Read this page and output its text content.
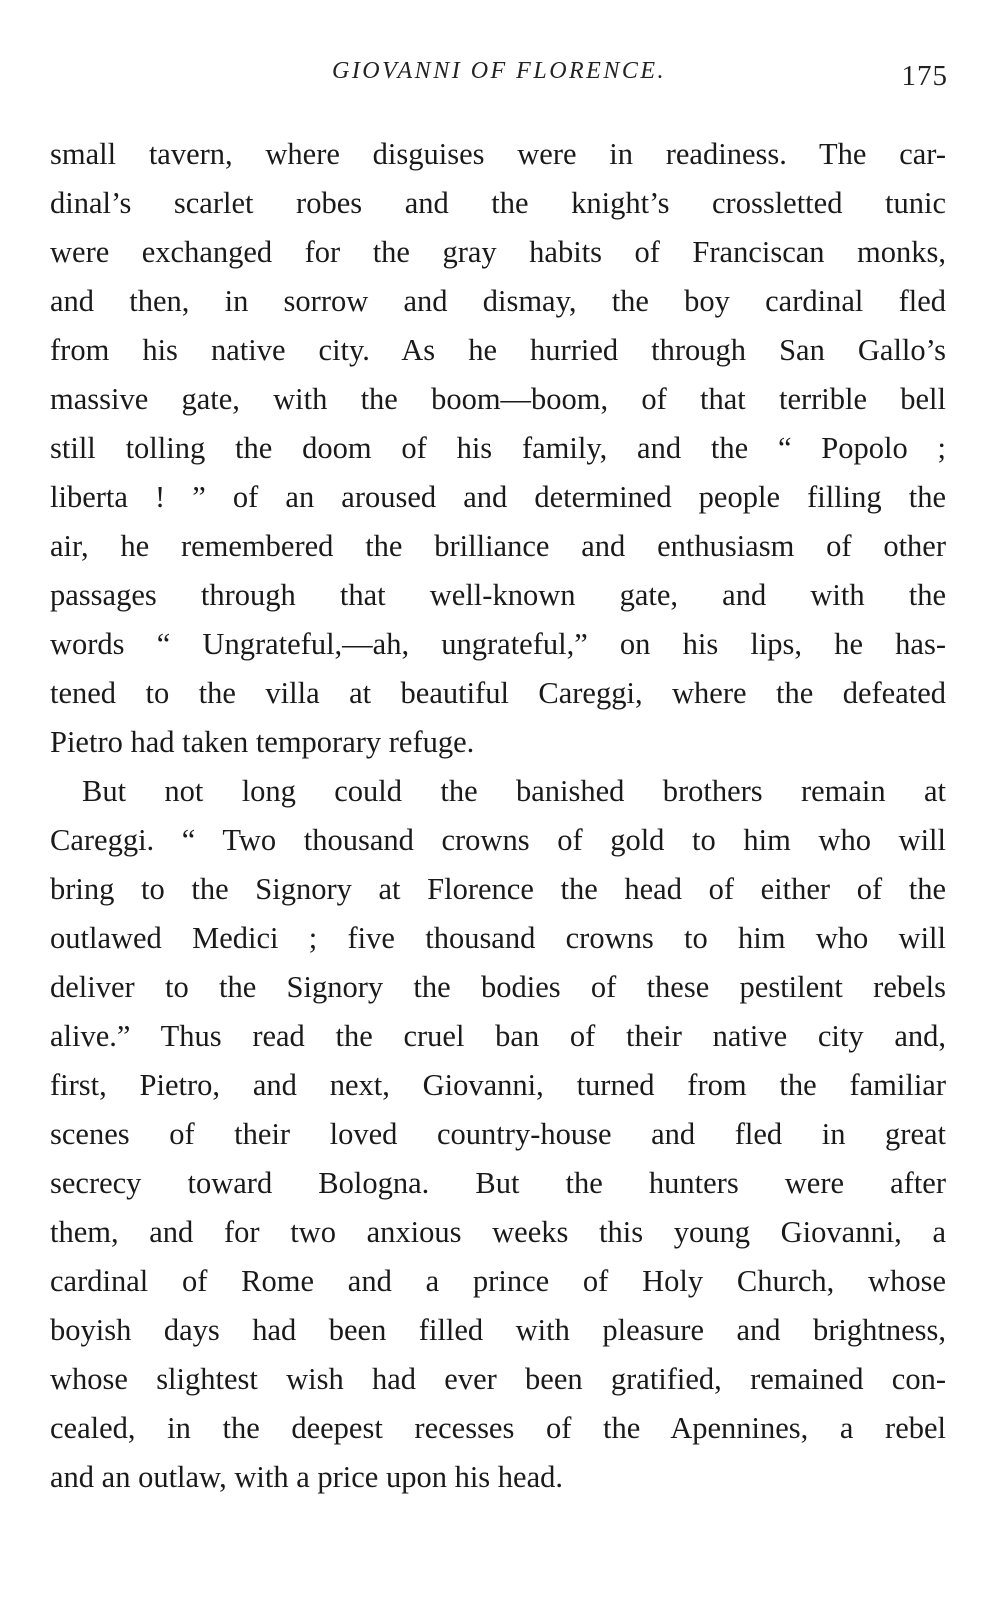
GIOVANNI OF FLORENCE.	175
small tavern, where disguises were in readiness. The car-
dinal’s scarlet robes and the knight’s crossletted tunic
were exchanged for the gray habits of Franciscan monks,
and then, in sorrow and dismay, the boy cardinal fled
from his native city. As he hurried through San Gallo’s
massive gate, with the boom—boom, of that terrible bell
still tolling the doom of his family, and the “ Popolo ;
liberta ! ” of an aroused and determined people filling the
air, he remembered the brilliance and enthusiasm of other
passages through that well-known gate, and with the
words “ Ungrateful,—ah, ungrateful,” on his lips, he has-
tened to the villa at beautiful Careggi, where the defeated
Pietro had taken temporary refuge.
But not long could the banished brothers remain at
Careggi. “ Two thousand crowns of gold to him who will
bring to the Signory at Florence the head of either of the
outlawed Medici ; five thousand crowns to him who will
deliver to the Signory the bodies of these pestilent rebels
alive.” Thus read the cruel ban of their native city and,
first, Pietro, and next, Giovanni, turned from the familiar
scenes of their loved country-house and fled in great
secrecy toward Bologna. But the hunters were after
them, and for two anxious weeks this young Giovanni, a
cardinal of Rome and a prince of Holy Church, whose
boyish days had been filled with pleasure and brightness,
whose slightest wish had ever been gratified, remained con-
cealed, in the deepest recesses of the Apennines, a rebel
and an outlaw, with a price upon his head.
